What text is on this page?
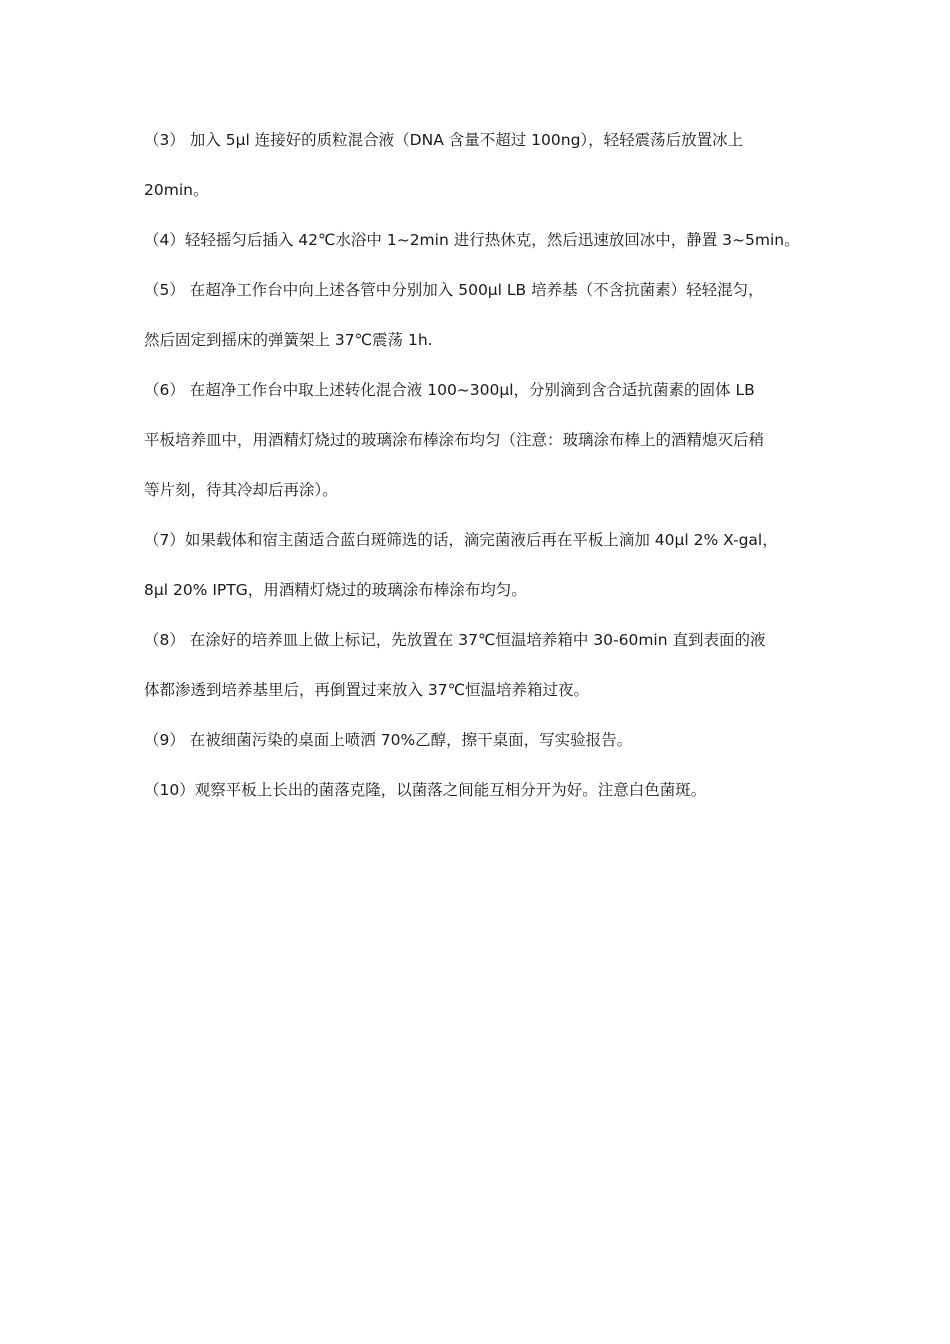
（3） 加入 5μl 连接好的质粒混合液（DNA 含量不超过 100ng），轻轻震荡后放置冰上
20min。
（4）轻轻摇匀后插入 42℃水浴中 1~2min 进行热休克，然后迅速放回冰中，静置 3~5min。
（5） 在超净工作台中向上述各管中分别加入 500μl LB 培养基（不含抗菌素）轻轻混匀，
然后固定到摇床的弹簧架上 37℃震荡 1h.
（6） 在超净工作台中取上述转化混合液 100~300μl，分别滴到含合适抗菌素的固体 LB
平板培养皿中，用酒精灯烧过的玻璃涂布棒涂布均匀（注意：玻璃涂布棒上的酒精熄灭后稍
等片刻，待其冷却后再涂）。
（7）如果载体和宿主菌适合蓝白斑筛选的话，滴完菌液后再在平板上滴加 40μl 2% X-gal，
8μl 20% IPTG，用酒精灯烧过的玻璃涂布棒涂布均匀。
（8） 在涂好的培养皿上做上标记，先放置在 37℃恒温培养箱中 30-60min 直到表面的液
体都渗透到培养基里后，再倒置过来放入 37℃恒温培养箱过夜。
（9） 在被细菌污染的桌面上喷洒 70%乙醇，擦干桌面，写实验报告。
（10）观察平板上长出的菌落克隆，以菌落之间能互相分开为好。注意白色菌斑。
